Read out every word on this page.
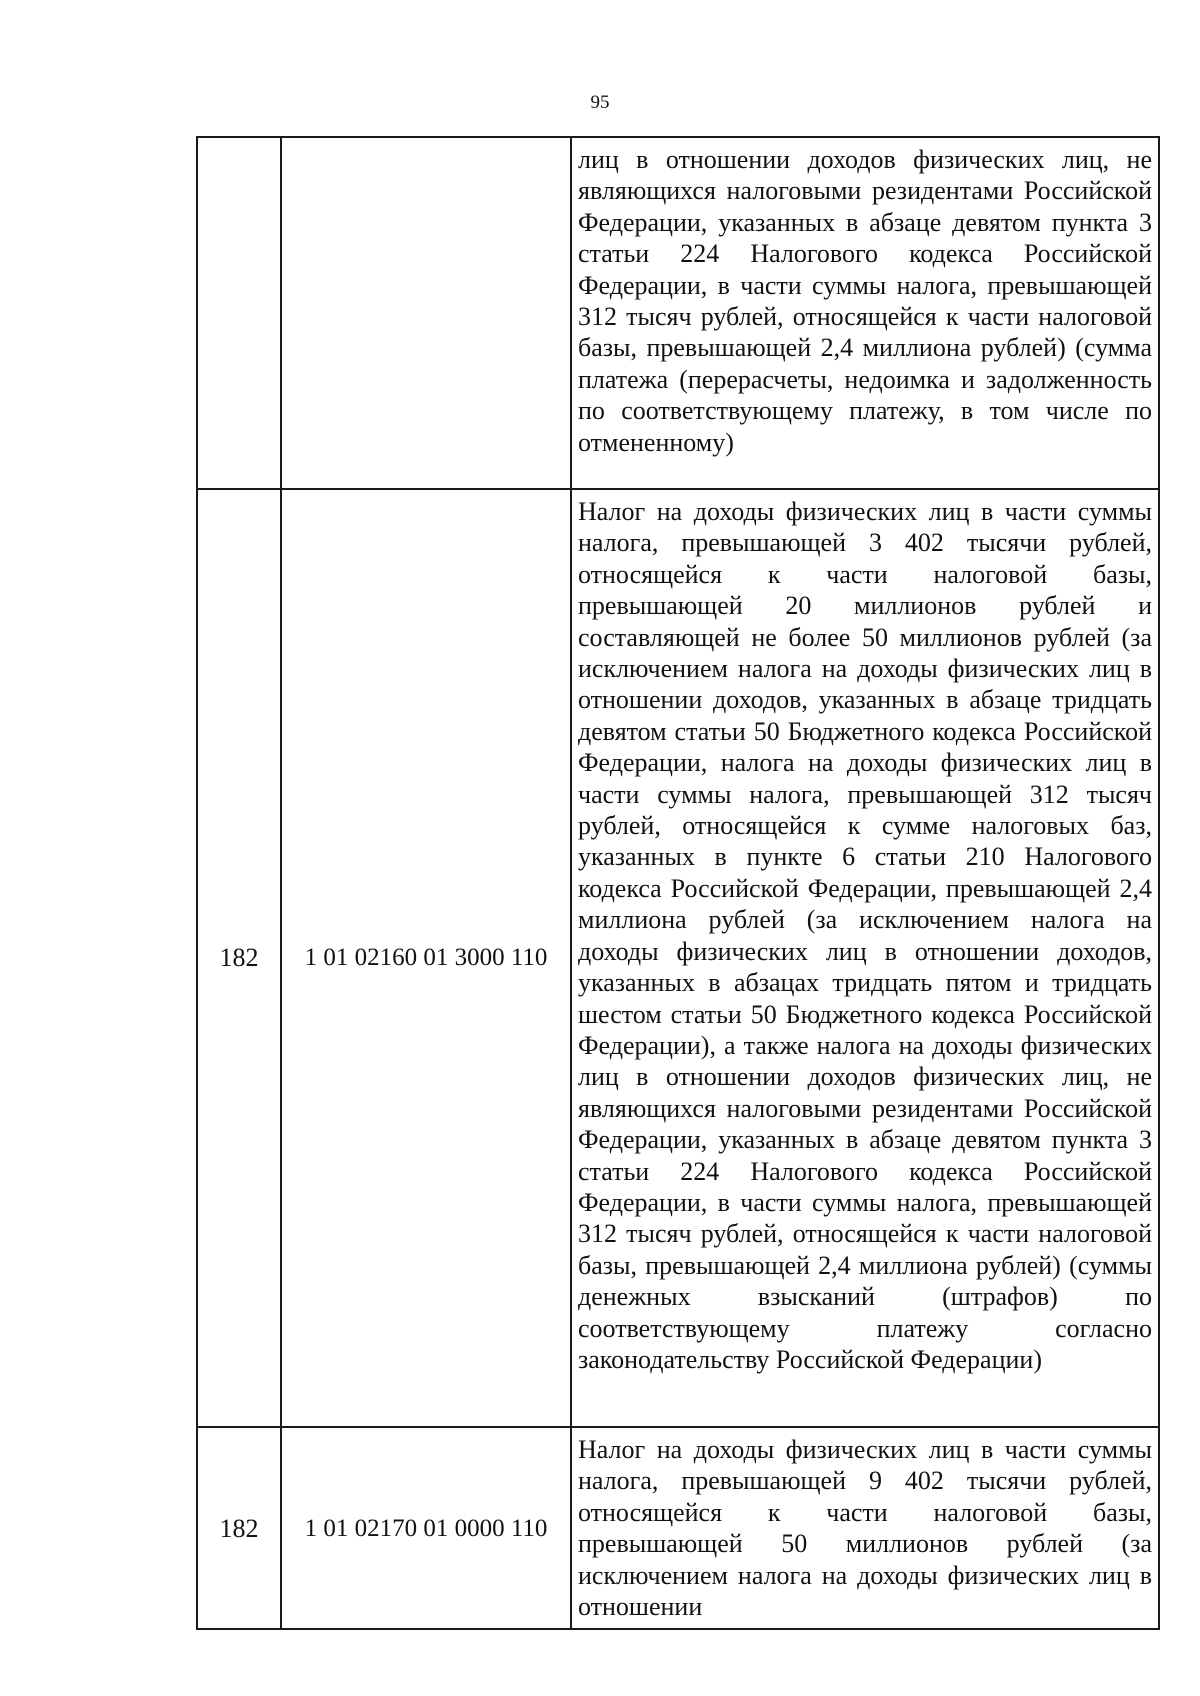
95
		лиц в отношении доходов физических лиц, не являющихся налоговыми резидентами Российской Федерации, указанных в абзаце девятом пункта 3 статьи 224 Налогового кодекса Российской Федерации, в части суммы налога, превышающей 312 тысяч рублей, относящейся к части налоговой базы, превышающей 2,4 миллиона рублей) (сумма платежа (перерасчеты, недоимка и задолженность по соответствующему платежу, в том числе по отмененному)
182	1 01 02160 01 3000 110	Налог на доходы физических лиц в части суммы налога, превышающей 3 402 тысячи рублей, относящейся к части налоговой базы, превышающей 20 миллионов рублей и составляющей не более 50 миллионов рублей (за исключением налога на доходы физических лиц в отношении доходов, указанных в абзаце тридцать девятом статьи 50 Бюджетного кодекса Российской Федерации, налога на доходы физических лиц в части суммы налога, превышающей 312 тысяч рублей, относящейся к сумме налоговых баз, указанных в пункте 6 статьи 210 Налогового кодекса Российской Федерации, превышающей 2,4 миллиона рублей (за исключением налога на доходы физических лиц в отношении доходов, указанных в абзацах тридцать пятом и тридцать шестом статьи 50 Бюджетного кодекса Российской Федерации), а также налога на доходы физических лиц в отношении доходов физических лиц, не являющихся налоговыми резидентами Российской Федерации, указанных в абзаце девятом пункта 3 статьи 224 Налогового кодекса Российской Федерации, в части суммы налога, превышающей 312 тысяч рублей, относящейся к части налоговой базы, превышающей 2,4 миллиона рублей) (суммы денежных взысканий (штрафов) по соответствующему платежу согласно законодательству Российской Федерации)
182	1 01 02170 01 0000 110	Налог на доходы физических лиц в части суммы налога, превышающей 9 402 тысячи рублей, относящейся к части налоговой базы, превышающей 50 миллионов рублей (за исключением налога на доходы физических лиц в отношении
